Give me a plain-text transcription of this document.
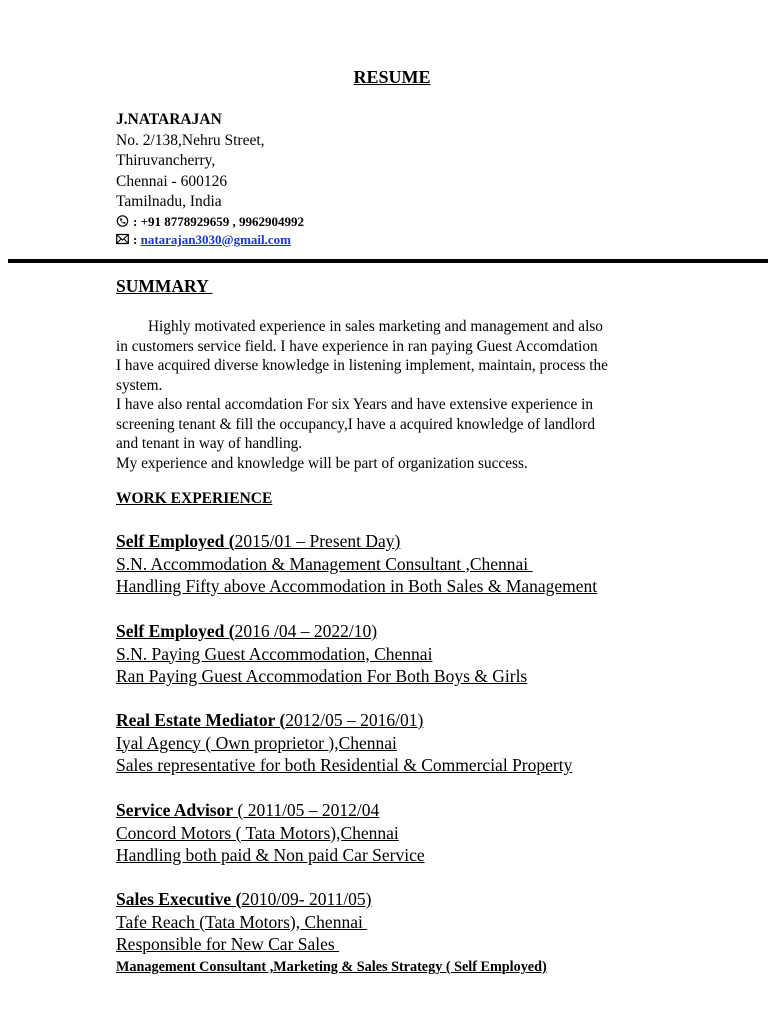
RESUME
J.NATARAJAN
No. 2/138,Nehru Street,
Thiruvancherry,
Chennai - 600126
Tamilnadu, India
: +91 8778929659 , 9962904992
: natarajan3030@gmail.com
SUMMARY

Highly motivated experience in sales marketing and management and also

in customers service field. I have experience in ran paying Guest Accomdation

I have acquired diverse knowledge in listening implement, maintain, process the

system.

I have also rental accomdation For six Years and have extensive experience in

screening tenant & fill the occupancy,I have a acquired knowledge of landlord

and tenant in way of handling.

My experience and knowledge will be part of organization success.

WORK EXPERIENCE
Self Employed (2015/01 – Present Day)
S.N. Accommodation & Management Consultant ,Chennai
Handling Fifty above Accommodation in Both Sales & Management
Self Employed (2016 /04 – 2022/10)
S.N. Paying Guest Accommodation, Chennai
Ran Paying Guest Accommodation For Both Boys & Girls
Real Estate Mediator (2012/05 – 2016/01)
Iyal Agency ( Own proprietor ),Chennai
Sales representative for both Residential & Commercial Property
Service Advisor ( 2011/05 – 2012/04
Concord Motors ( Tata Motors),Chennai
Handling both paid & Non paid Car Service
Sales Executive (2010/09- 2011/05)
Tafe Reach (Tata Motors), Chennai
Responsible for New Car Sales
Management Consultant ,Marketing & Sales Strategy ( Self Employed)
